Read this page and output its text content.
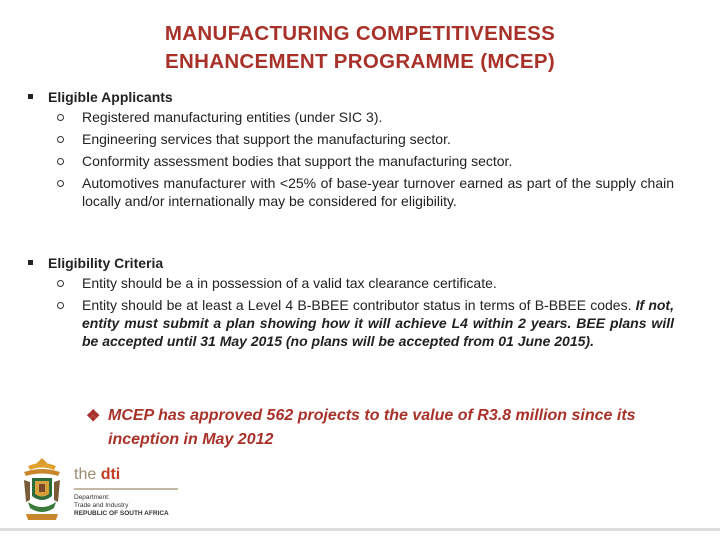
MANUFACTURING COMPETITIVENESS
ENHANCEMENT PROGRAMME (MCEP)
Eligible Applicants
Registered manufacturing entities (under SIC 3).
Engineering services that support the manufacturing sector.
Conformity assessment bodies that support the manufacturing sector.
Automotives manufacturer with <25% of base-year turnover earned as part of the supply chain locally and/or internationally may be considered for eligibility.
Eligibility Criteria
Entity should be a in possession of a valid tax clearance certificate.
Entity should be at least a Level 4 B-BBEE contributor status in terms of B-BBEE codes. If not, entity must submit a plan showing how it will achieve L4 within 2 years. BEE plans will be accepted until 31 May 2015 (no plans will be accepted from 01 June 2015).
❖ MCEP has approved 562 projects to the value of R3.8 million since its inception in May 2012
the dti
Department:
Trade and Industry
REPUBLIC OF SOUTH AFRICA
